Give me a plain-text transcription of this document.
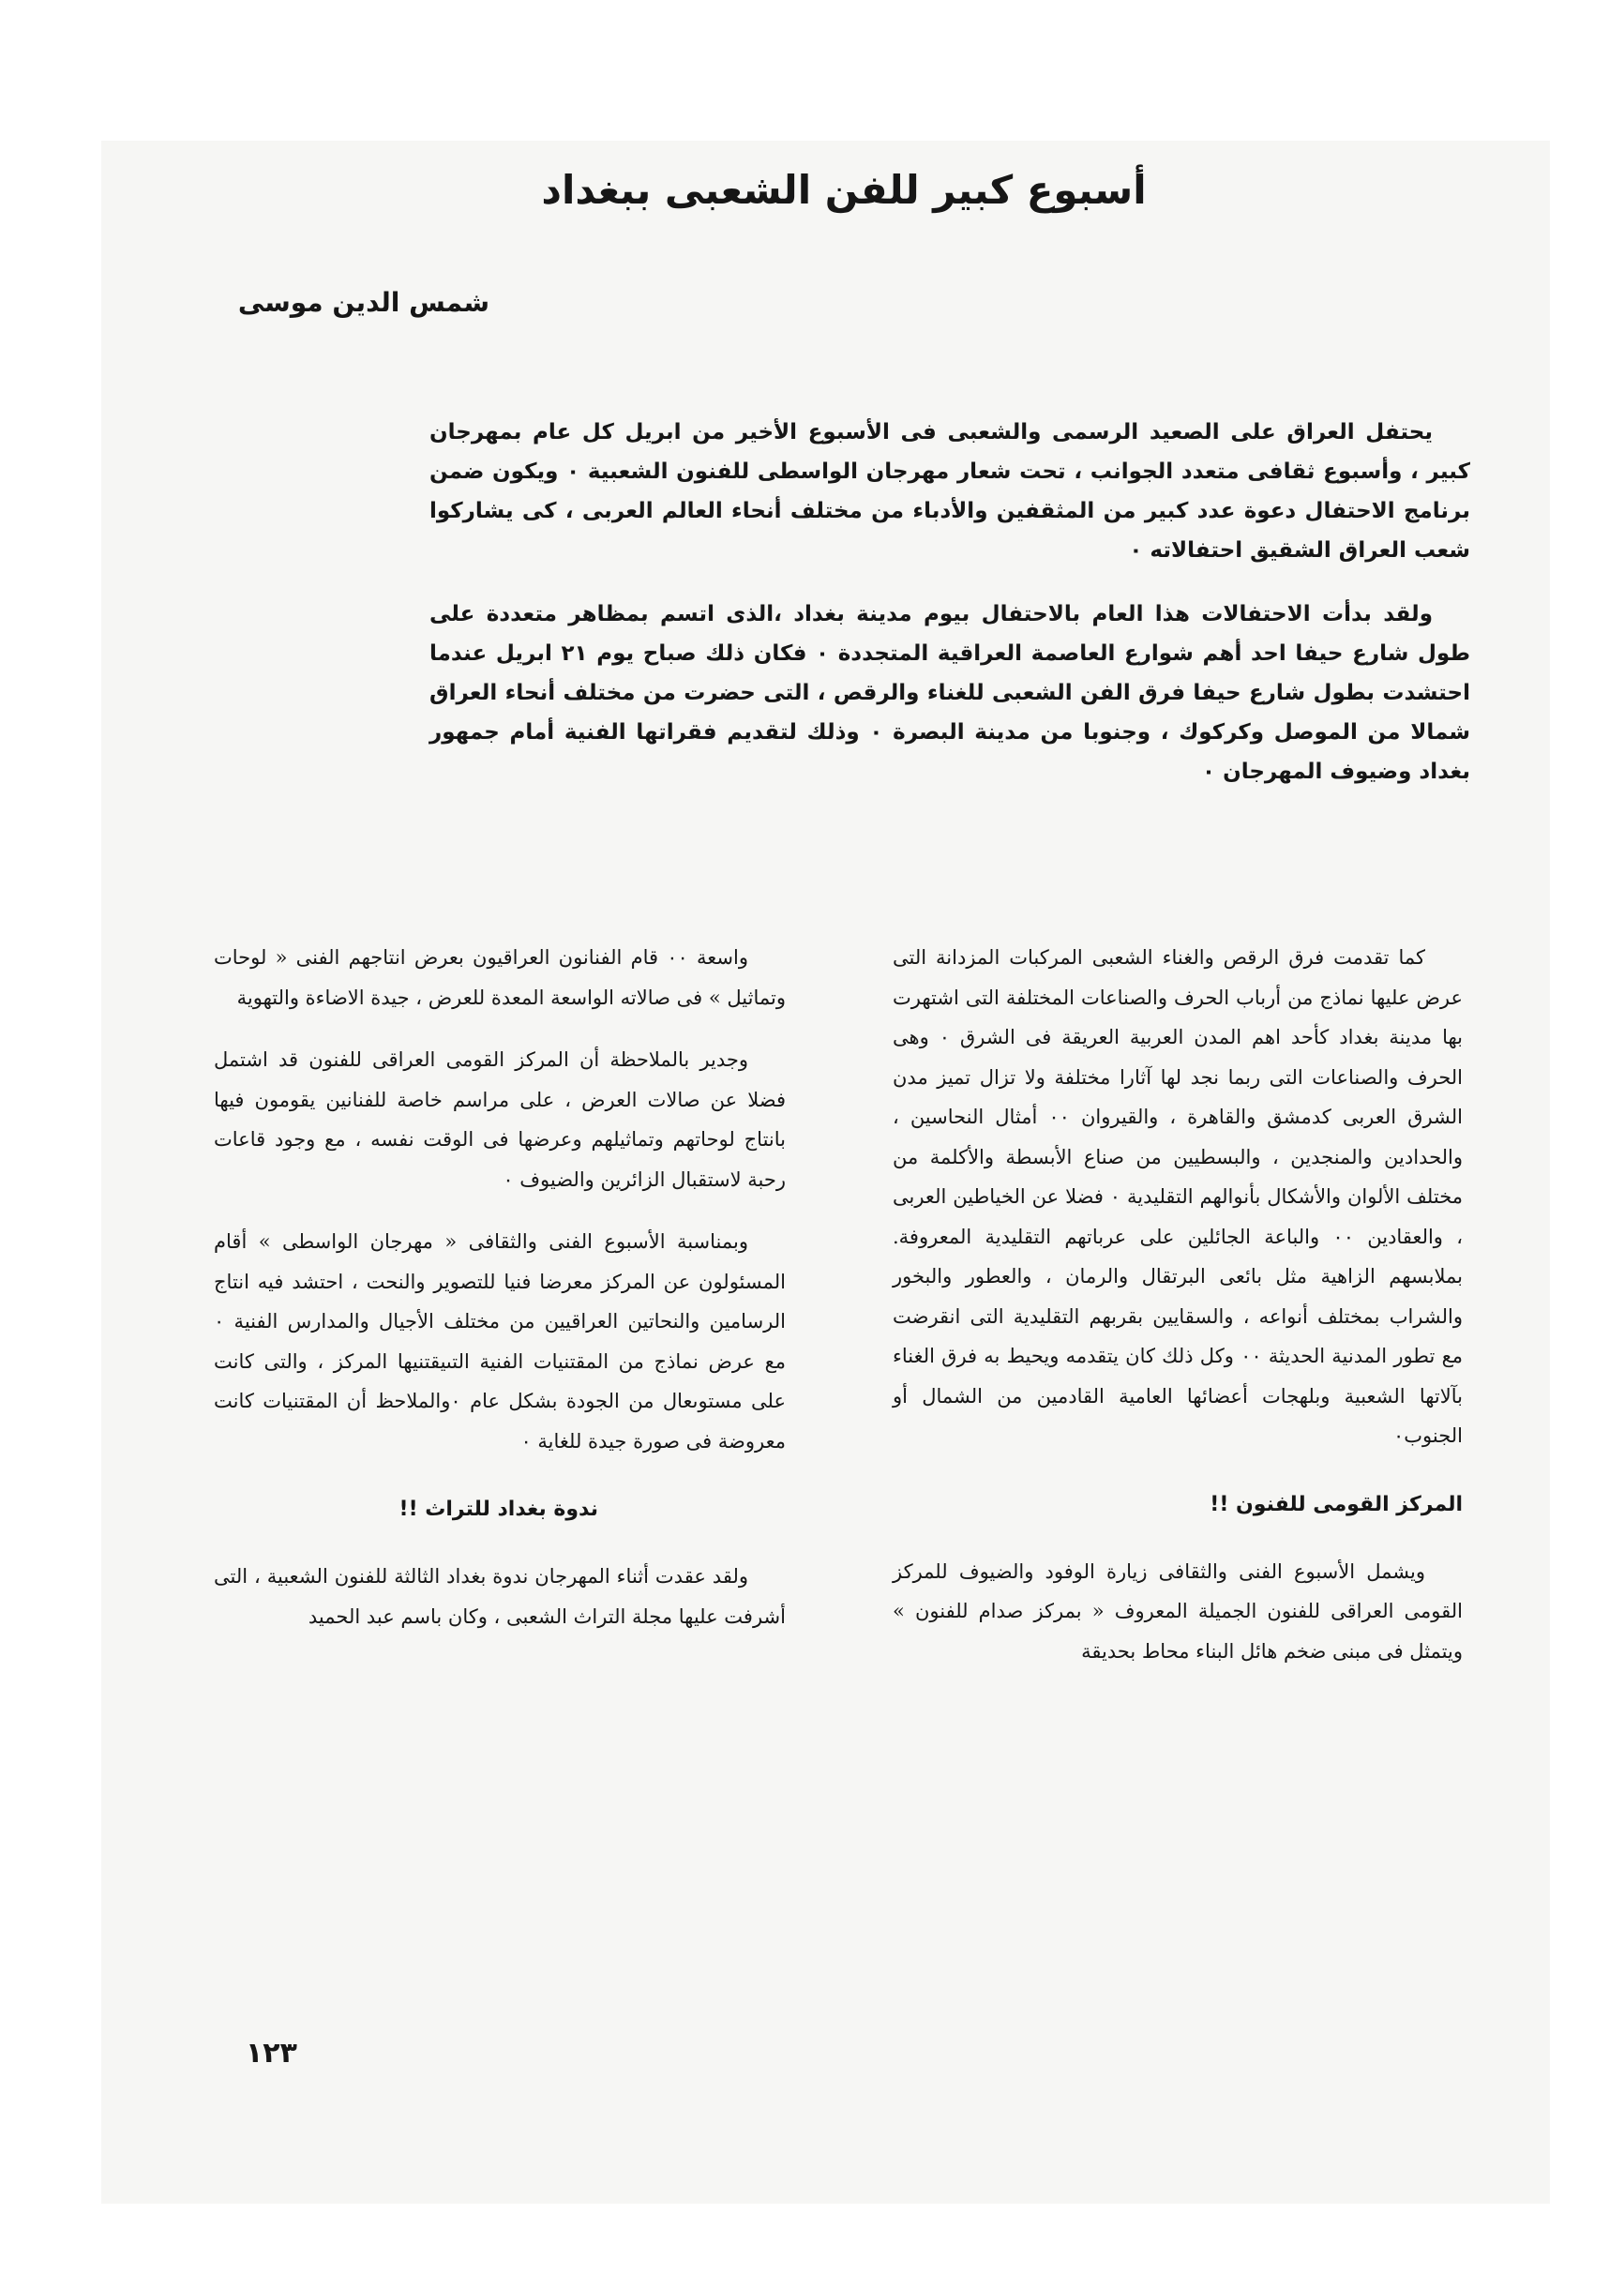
أسبوع كبير للفن الشعبى ببغداد

شمس الدين موسى

يحتفل العراق على الصعيد الرسمى والشعبى فى الأسبوع الأخير من ابريل كل عام بمهرجان كبير ، وأسبوع ثقافى متعدد الجوانب ، تحت شعار مهرجان الواسطى للفنون الشعبية ٠ ويكون ضمن برنامج الاحتفال دعوة عدد كبير من المثقفين والأدباء من مختلف أنحاء العالم العربى ، كى يشاركوا شعب العراق الشقيق احتفالاته ٠

ولقد بدأت الاحتفالات هذا العام بالاحتفال بيوم مدينة بغداد ،الذى اتسم بمظاهر متعددة على طول شارع حيفا احد أهم شوارع العاصمة العراقية المتجددة ٠ فكان ذلك صباح يوم ٢١ ابريل عندما احتشدت بطول شارع حيفا فرق الفن الشعبى للغناء والرقص ، التى حضرت من مختلف أنحاء العراق شمالا من الموصل وكركوك ، وجنوبا من مدينة البصرة ٠ وذلك لتقديم فقراتها الفنية أمام جمهور بغداد وضيوف المهرجان ٠

كما تقدمت فرق الرقص والغناء الشعبى المركبات المزدانة التى عرض عليها نماذج من أرباب الحرف والصناعات المختلفة التى اشتهرت بها مدينة بغداد كأحد اهم المدن العربية العريقة فى الشرق ٠ وهى الحرف والصناعات التى ربما نجد لها آثارا مختلفة ولا تزال تميز مدن الشرق العربى كدمشق والقاهرة ، والقيروان ٠٠ أمثال النحاسين ، والحدادين والمنجدين ، والبسطيين من صناع الأبسطة والأكلمة من مختلف الألوان والأشكال بأنوالهم التقليدية ٠ فضلا عن الخياطين العربى ، والعقادين ٠٠ والباعة الجائلين على عرباتهم التقليدية المعروفة. بملابسهم الزاهية مثل بائعى البرتقال والرمان ، والعطور والبخور والشراب بمختلف أنواعه ، والسقايين بقربهم التقليدية التى انقرضت مع تطور المدنية الحديثة ٠٠ وكل ذلك كان يتقدمه ويحيط به فرق الغناء بآلاتها الشعبية وبلهجات أعضائها العامية القادمين من الشمال أو الجنوب٠

المركز القومى للفنون !!

ويشمل الأسبوع الفنى والثقافى زيارة الوفود والضيوف للمركز القومى العراقى للفنون الجميلة المعروف « بمركز صدام للفنون » ويتمثل فى مبنى ضخم هائل البناء محاط بحديقة

واسعة ٠٠ قام الفنانون العراقيون بعرض انتاجهم الفنى « لوحات وتماثيل » فى صالاته الواسعة المعدة للعرض ، جيدة الاضاءة والتهوية

وجدير بالملاحظة أن المركز القومى العراقى للفنون قد اشتمل فضلا عن صالات العرض ، على مراسم خاصة للفنانين يقومون فيها بانتاج لوحاتهم وتماثيلهم وعرضها فى الوقت نفسه ، مع وجود قاعات رحبة لاستقبال الزائرين والضيوف ٠

وبمناسبة الأسبوع الفنى والثقافى « مهرجان الواسطى » أقام المسئولون عن المركز معرضا فنيا للتصوير والنحت ، احتشد فيه انتاج الرسامين والنحاتين العراقيين من مختلف الأجيال والمدارس الفنية ٠ مع عرض نماذج من المقتنيات الفنية التىيقتنيها المركز ، والتى كانت على مستوىعال من الجودة بشكل عام ٠والملاحظ أن المقتنيات كانت معروضة فى صورة جيدة للغاية ٠

ندوة بغداد للتراث !!

ولقد عقدت أثناء المهرجان ندوة بغداد الثالثة للفنون الشعبية ، التى أشرفت عليها مجلة التراث الشعبى ، وكان باسم عبد الحميد

١٢٣
